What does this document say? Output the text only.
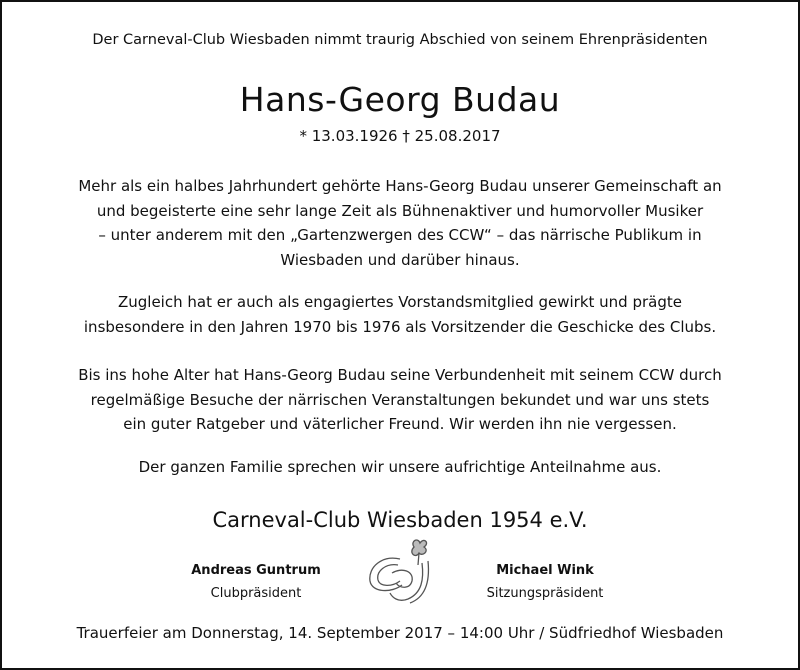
Der Carneval-Club Wiesbaden nimmt traurig Abschied von seinem Ehrenpräsidenten
Hans-Georg Budau
* 13.03.1926 † 25.08.2017
Mehr als ein halbes Jahrhundert gehörte Hans-Georg Budau unserer Gemeinschaft an
und begeisterte eine sehr lange Zeit als Bühnenaktiver und humorvoller Musiker
– unter anderem mit den „Gartenzwergen des CCW“ – das närrische Publikum in
Wiesbaden und darüber hinaus.
Zugleich hat er auch als engagiertes Vorstandsmitglied gewirkt und prägte
insbesondere in den Jahren 1970 bis 1976 als Vorsitzender die Geschicke des Clubs.
Bis ins hohe Alter hat Hans-Georg Budau seine Verbundenheit mit seinem CCW durch
regelmäßige Besuche der närrischen Veranstaltungen bekundet und war uns stets
ein guter Ratgeber und väterlicher Freund. Wir werden ihn nie vergessen.
Der ganzen Familie sprechen wir unsere aufrichtige Anteilnahme aus.
Carneval-Club Wiesbaden 1954 e.V.
Andreas Guntrum
Clubpräsident
Michael Wink
Sitzungspräsident
Trauerfeier am Donnerstag, 14. September 2017 – 14:00 Uhr / Südfriedhof Wiesbaden
